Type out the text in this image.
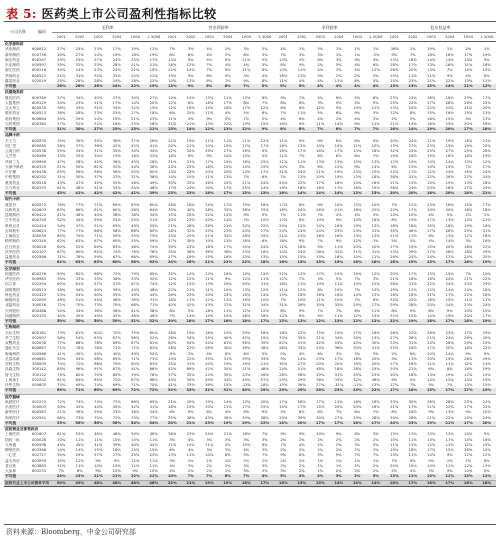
表 5: 医药类上市公司盈利性指标比较
公司名称	编码	毛利率						营业利润率						净利润率						股东权益率					
		2001	2002	2003	2004	1H04	1-3Q06	2001	2002	2003	2004	1H04	1-3Q06	2001	2002	2003	2004	1H04	1-3Q06	2001	2002	2003	2004	1H04	1-3Q06
化学原料药																									
华北制药	600812	27%	24%	23%	17%	19%	12%	7%	3%	4%	2%	3%	5%	4%	1%	5%	1%	1%	1%	-18%	1%	19%	1%	2%	1%
新华制药	000756	30%	27%	24%	19%	18%	19%	8%	6%	4%	5%	8%	3%	7%	3%	3%	1%	1%	-3%	9%	7%	18%	18%	17%	19%
海正药业	600267	29%	25%	27%	24%	25%	17%	13%	9%	4%	9%	11%	5%	13%	4%	8%	3%	9%	4%	13%	18%	14%	14%	14%	9%
东北制药	000597	35%	32%	33%	28%	21%	21%	16%	12%	7%	4%	4%	3%	8%	9%	2%	5%	4%	6%	18%	17%	13%	16%	11%	18%
浙江医药	600216	30%	24%	23%	24%	22%	19%	22%	15%	7%	9%	11%	8%	13%	11%	4%	3%	4%	12%	26%	20%	13%	7%	15%	15%
华海药业	600521	21%	31%	32%	33%	24%	22%	19%	9%	6%	9%	3%	4%	16%	13%	5%	2%	2%	5%	19%	11%	11%	9%	4%	8%
鑫富药业	002019	25%	26%	28%	34%	28%	23%	10%	13%	6%	7%	9%	8%	11%	4%	4%	12%	6%	5%	15%	23%	21%	22%	13%	11%
平均值		28%	26%	26%	24%	22%	19%	13%	9%	5%	6%	7%	5%	9%	5%	4%	4%	4%	4%	13%	13%	15%	14%	11%	12%
抗感染类药																									
鲁抗医药	600789	37%	34%	40%	37%	30%	27%	19%	14%	13%	11%	13%	8%	9%	7%	5%	6%	5%	8%	23%	22%	18%	16%	13%	17%
太极集团	600129	34%	23%	21%	17%	14%	20%	12%	6%	16%	17%	8%	7%	8%	6%	3%	9%	4%	5%	25%	24%	27%	28%	26%	25%
交大昂立	600530	36%	33%	31%	34%	32%	15%	12%	16%	14%	16%	17%	12%	6%	8%	12%	9%	10%	12%	13%	10%	22%	22%	21%	20%
联环药业	600513	36%	28%	23%	25%	27%	18%	6%	20%	11%	4%	5%	8%	7%	11%	5%	6%	9%	3%	12%	8%	15%	16%	15%	13%
哈药集团	600664	30%	29%	24%	19%	21%	23%	11%	4%	9%	5%	7%	5%	4%	6%	4%	2%	4%	3%	2%	5%	16%	15%	9%	13%
石药集团	600380	27%	32%	22%	16%	25%	26%	21%	21%	13%	22%	19%	15%	16%	9%	11%	14%	9%	12%	21%	14%	16%	25%	20%	18%
平均值		31%	30%	27%	25%	25%	21%	15%	14%	12%	13%	12%	9%	8%	8%	7%	8%	7%	7%	16%	14%	19%	20%	17%	18%
品牌中药																									
天士力	600535	34%	35%	35%	36%	27%	26%	22%	19%	11%	11%	11%	12%	11%	9%	9%	8%	8%	9%	20%	24%	21%	19%	18%	21%
同仁堂	600085	38%	37%	36%	42%	42%	41%	20%	21%	10%	15%	17%	17%	16%	15%	10%	10%	11%	10%	13%	27%	23%	19%	19%	25%
云南白药	000538	55%	34%	31%	35%	34%	34%	42%	34%	29%	27%	16%	9%	18%	17%	16%	17%	13%	18%	32%	25%	25%	27%	25%	26%
九芝堂	000989	33%	33%	30%	19%	16%	32%	18%	8%	9%	10%	14%	5%	11%	7%	8%	8%	6%	7%	19%	16%	19%	18%	18%	19%
华润三九	000999	47%	38%	42%	36%	45%	28%	31%	31%	17%	15%	16%	25%	11%	11%	13%	13%	14%	13%	17%	14%	14%	14%	13%	12%
天津中新药	600329	51%	50%	61%	52%	44%	36%	24%	25%	18%	15%	14%	19%	10%	3%	6%	12%	9%	14%	6%	13%	10%	15%	7%	17%
片仔癀	600436	55%	58%	56%	58%	55%	60%	13%	23%	20%	20%	13%	17%	31%	24%	21%	19%	23%	23%	22%	17%	12%	24%	16%	24%
中恒集团	600252	31%	30%	37%	37%	31%	38%	14%	10%	11%	13%	7%	6%	7%	13%	20%	19%	13%	18%	28%	31%	22%	26%	27%	24%
康美药业	600518	43%	47%	45%	52%	58%	49%	30%	32%	26%	24%	21%	24%	24%	22%	17%	18%	15%	16%	21%	13%	15%	19%	13%	18%
天方药业	600253	61%	48%	51%	53%	54%	48%	17%	24%	20%	17%	25%	14%	19%	18%	16%	17%	18%	19%	26%	24%	23%	18%	27%	25%
平均值		45%	41%	42%	42%	41%	39%	23%	23%	18%	17%	15%	15%	16%	14%	14%	14%	13%	15%	20%	20%	18%	20%	18%	21%
现代中药																									
康恩贝	600572	76%	77%	71%	69%	63%	60%	26%	18%	14%	17%	19%	16%	17%	8%	9%	10%	13%	10%	7%	12%	23%	16%	15%	17%
以岭药业	002603	63%	66%	61%	60%	58%	64%	35%	40%	28%	33%	36%	25%	18%	24%	26%	21%	18%	22%	22%	17%	19%	20%	16%	18%
昆明制药	600422	41%	46%	40%	38%	38%	34%	15%	20%	12%	14%	9%	9%	7%	11%	7%	4%	4%	3%	14%	10%	4%	5%	2%	1%
江中药业	600750	52%	44%	59%	53%	53%	51%	20%	23%	20%	14%	7%	10%	12%	9%	10%	9%	14%	16%	8%	19%	17%	13%	13%	12%
贵州百灵	002424	54%	47%	51%	63%	49%	55%	21%	28%	26%	21%	20%	22%	20%	12%	14%	16%	19%	13%	18%	18%	15%	18%	19%	16%
吉林敖东	000623	77%	77%	66%	58%	66%	65%	28%	32%	29%	23%	24%	27%	24%	24%	24%	23%	23%	31%	35%	46%	27%	26%	29%	31%
上海凯宝	300039	60%	70%	71%	59%	55%	75%	25%	25%	21%	33%	26%	25%	21%	13%	18%	16%	13%	13%	11%	17%	6%	13%	17%	18%
精华制药	002349	62%	63%	67%	60%	55%	59%	17%	30%	10%	13%	16%	6%	18%	9%	7%	9%	12%	3%	5%	5%	4%	14%	3%	16%
红日药业	300026	60%	52%	65%	63%	48%	74%	30%	23%	16%	17%	34%	24%	11%	16%	9%	11%	20%	20%	17%	10%	15%	20%	18%	22%
沃华医药	002107	67%	80%	82%	74%	76%	78%	30%	36%	36%	36%	33%	18%	14%	24%	28%	32%	31%	31%	13%	29%	17%	28%	18%	29%
益盛药业	002566	71%	76%	59%	67%	66%	69%	17%	16%	15%	16%	13%	13%	13%	15%	13%	18%	10%	11%	29%	24%	24%	17%	24%	25%
平均值		62%	63%	63%	60%	56%	62%	24%	26%	21%	22%	22%	18%	16%	15%	15%	15%	16%	16%	16%	19%	15%	17%	16%	19%
化学制剂																									
恒瑞医药	600276	59%	62%	68%	72%	79%	80%	35%	14%	14%	19%	19%	15%	21%	13%	17%	10%	14%	12%	20%	17%	13%	15%	7%	19%
华东医药	000963	35%	33%	33%	36%	33%	32%	12%	12%	11%	9%	12%	11%	12%	7%	3%	5%	7%	3%	21%	18%	16%	24%	21%	22%
信立泰	002294	60%	61%	57%	57%	67%	74%	12%	15%	13%	19%	30%	31%	16%	11%	10%	11%	10%	10%	28%	31%	22%	24%	33%	29%
丽珠集团	000513	48%	44%	40%	39%	44%	48%	22%	21%	11%	10%	13%	12%	11%	12%	8%	10%	7%	10%	19%	13%	12%	14%	14%	18%
科伦药业	002422	53%	54%	50%	55%	49%	44%	26%	23%	20%	24%	16%	14%	15%	16%	16%	18%	14%	13%	16%	18%	21%	17%	22%	18%
海翔药业	002099	49%	51%	44%	46%	36%	31%	18%	17%	12%	13%	16%	10%	7%	10%	11%	10%	7%	6%	32%	23%	18%	15%	11%	11%
北陆药业	300016	72%	70%	73%	70%	66%	71%	40%	42%	43%	37%	31%	34%	31%	26%	30%	33%	29%	27%	29%	28%	20%	24%	23%	24%
天药股份	600488	30%	34%	36%	36%	41%	38%	8%	5%	18%	11%	12%	12%	8%	9%	7%	7%	6%	11%	8%	9%	8%	9%	10%	10%
仙琚制药	002332	44%	43%	45%	43%	46%	49%	7%	14%	14%	10%	16%	18%	12%	8%	9%	11%	12%	15%	22%	12%	14%	15%	20%	17%
平均值		50%	50%	50%	50%	51%	52%	20%	18%	17%	16%	18%	17%	15%	12%	12%	13%	12%	12%	22%	19%	16%	17%	18%	19%
生物制药																									
天坛生物	600161	73%	81%	62%	70%	75%	60%	28%	19%	18%	19%	20%	16%	18%	12%	15%	15%	17%	18%	26%	22%	26%	23%	17%	29%
华兰生物	002007	56%	54%	63%	67%	56%	52%	36%	34%	25%	40%	42%	15%	33%	35%	21%	34%	35%	13%	27%	26%	21%	24%	26%	20%
双鹭药业	002038	77%	68%	78%	69%	67%	61%	60%	54%	54%	61%	56%	39%	62%	51%	42%	53%	40%	30%	33%	31%	24%	26%	29%	19%
通化东宝	600867	71%	78%	78%	71%	77%	82%	28%	27%	36%	40%	36%	38%	26%	33%	34%	36%	30%	31%	22%	16%	17%	20%	16%	22%
海南海药	000566	41%	45%	44%	40%	49%	52%	-9%	3%	5%	6%	8%	5%	0%	4%	6%	3%	3%	3%	2%	6%	10%	14%	9%	9%
长春高新	000661	55%	54%	58%	65%	71%	73%	14%	22%	35%	31%	39%	33%	9%	14%	23%	17%	16%	20%	5%	11%	20%	19%	26%	29%
安科生物	300009	74%	72%	66%	79%	80%	83%	35%	31%	20%	19%	19%	21%	30%	27%	20%	20%	19%	20%	17%	16%	11%	11%	12%	14%
沃森生物	300142	85%	96%	91%	87%	91%	86%	42%	69%	42%	30%	31%	48%	24%	51%	48%	18%	28%	25%	10%	21%	6%	8%	16%	19%
智飞生物	300122	75%	82%	79%	80%	79%	78%	37%	32%	24%	35%	33%	26%	28%	28%	30%	31%	30%	23%	20%	18%	13%	19%	12%	15%
上海莱士	002252	81%	84%	65%	72%	87%	88%	40%	39%	49%	43%	44%	57%	29%	29%	38%	33%	32%	48%	6%	5%	14%	12%	15%	19%
沃华生物	000605	74%	69%	74%	69%	71%	70%	41%	33%	36%	15%	-13%	18%	13%	36%	27%	-11%	-11%	13%	17%	7%	5%	7%	13%	15%
平均值		69%	71%	69%	69%	72%	72%	32%	33%	31%	31%	30%	29%	25%	29%	28%	23%	23%	22%	17%	16%	15%	17%	17%	19%
医疗器械																									
鱼跃医疗	002223	72%	74%	74%	72%	66%	65%	21%	20%	19%	14%	13%	20%	17%	16%	17%	13%	16%	16%	33%	30%	26%	28%	23%	24%
乐普医疗	300003	50%	42%	44%	45%	42%	41%	18%	19%	20%	21%	17%	19%	15%	17%	15%	20%	20%	16%	21%	17%	21%	22%	17%	22%
新华医疗	600587	31%	36%	29%	33%	36%	34%	6%	6%	8%	4%	6%	9%	5%	6%	6%	7%	6%	7%	8%	16%	9%	13%	9%	10%
尚荣医疗	002551	68%	73%	75%	72%	73%	77%	33%	38%	43%	36%	39%	38%	20%	39%	30%	27%	29%	28%	34%	28%	21%	22%	19%	24%
平均值		55%	56%	56%	56%	54%	54%	20%	21%	23%	19%	19%	22%	14%	20%	17%	17%	18%	17%	24%	23%	19%	21%	17%	20%
医药商业及零售药店																									
上海医药	601607	61%	53%	46%	48%	50%	46%	36%	23%	24%	21%	18%	7%	9%	9%	10%	9%	8%	5%	15%	17%	13%	13%	19%	9%
国药一致	000028	10%	11%	11%	10%	10%	11%	3%	4%	3%	3%	3%	3%	2%	2%	2%	2%	2%	2%	10%	11%	13%	17%	15%	16%
九州通	600998	44%	45%	41%	39%	40%	42%	11%	10%	11%	5%	10%	6%	7%	4%	2%	2%	3%	5%	11%	13%	12%	13%	12%	15%
柳州医药	603368	14%	14%	15%	16%	15%	15%	6%	4%	3%	3%	4%	3%	2%	2%	2%	2%	2%	3%	19%	18%	17%	15%	16%	15%
一心堂	002727	30%	29%	27%	27%	25%	23%	13%	11%	10%	8%	9%	7%	9%	8%	9%	9%	7%	7%	13%	11%	10%	9%	12%	12%
益丰药房	603939	10%	12%	9%	9%	12%	11%	3%	2%	1%	2%	2%	2%	2%	2%	1%	1%	1%	1%	7%	6%	5%	2%	7%	8%
老百姓	603883	11%	11%	10%	10%	11%	11%	4%	3%	2%	2%	3%	3%	2%	2%	1%	1%	1%	2%	20%	10%	10%	11%	12%	13%
大参林	603233	7%	8%	9%	10%	9%	10%	4%	2%	2%	1%	3%	3%	3%	2%	1%	0%	2%	2%	5%	4%	3%	9%	10%	5%
平均值		24%	23%	21%	21%	22%	21%	10%	7%	7%	6%	7%	4%	5%	4%	4%	3%	3%	3%	13%	11%	10%	11%	13%	12%
医药行业上市公司简单平均		50%	49%	48%	48%	48%	48%	22%	21%	19%	19%	18%	17%	16%	15%	15%	14%	14%	14%	18%	17%	16%	17%	16%	18%
资料来源：Bloomberg，中金公司研究部
